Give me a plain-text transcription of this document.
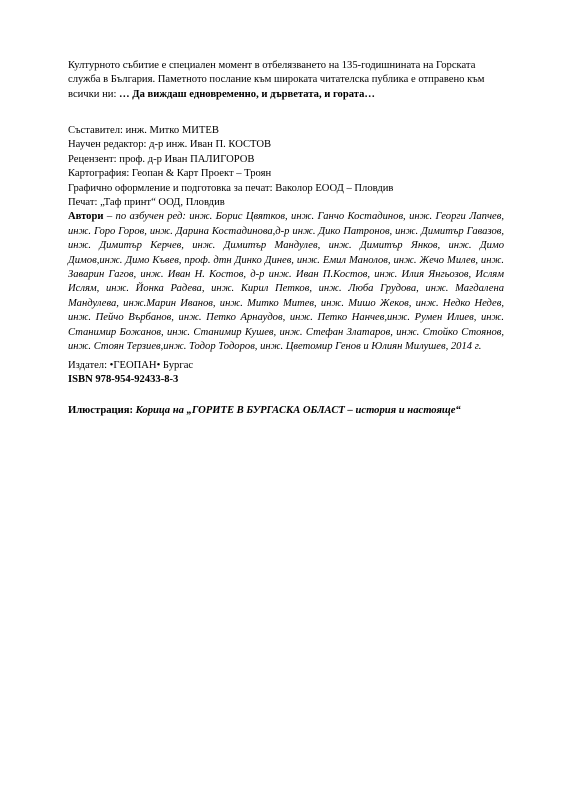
Културното събитие е специален момент в отбелязването на 135-годишнината на Горската служба в България. Паметното послание към широката читателска публика е отправено към всички ни: … Да виждаш едновременно, и дърветата, и гората…
Съставител: инж. Митко МИТЕВ
Научен редактор: д-р инж. Иван П. КОСТОВ
Рецензент: проф. д-р Иван ПАЛИГОРОВ
Картография: Геопан & Карт Проект – Троян
Графично оформление и подготовка за печат: Ваколор ЕООД – Пловдив
Печат: „Таф принт“ ООД, Пловдив
Автори – по азбучен ред: инж. Борис Цвятков, инж. Ганчо Костадинов, инж. Георги Лапчев, инж. Горо Горов, инж. Дарина Костадинова,д-р инж. Дико Патронов, инж. Димитър Гавазов, инж. Димитър Керчев, инж. Димитър Мандулев, инж. Димитър Янков, инж. Димо Димов,инж. Димо Къвев, проф. дтн Динко Динев, инж. Емил Манолов, инж. Жечо Милев, инж. Заварин Гагов, инж. Иван Н. Костов, д-р инж. Иван П.Костов, инж. Илия Янгьозов, Ислям Ислям, инж. Йонка Радева, инж. Кирил Петков, инж. Люба Грудова, инж. Магдалена Мандулева, инж.Марин Иванов, инж. Митко Митев, инж. Мишо Жеков, инж. Недко Недев, инж. Пейчо Върбанов, инж. Петко Арнаудов, инж. Петко Нанчев,инж. Румен Илиев, инж. Станимир Божанов, инж. Станимир Кушев, инж. Стефан Златаров, инж. Стойко Стоянов, инж. Стоян Терзиев,инж. Тодор Тодоров, инж. Цветомир Генов и Юлиян Милушев, 2014 г.
Издател: •ГЕОПАН• Бургас
ISBN 978-954-92433-8-3
Илюстрация: Корица на „ГОРИТЕ В БУРГАСКА ОБЛАСТ – история и настояще“
